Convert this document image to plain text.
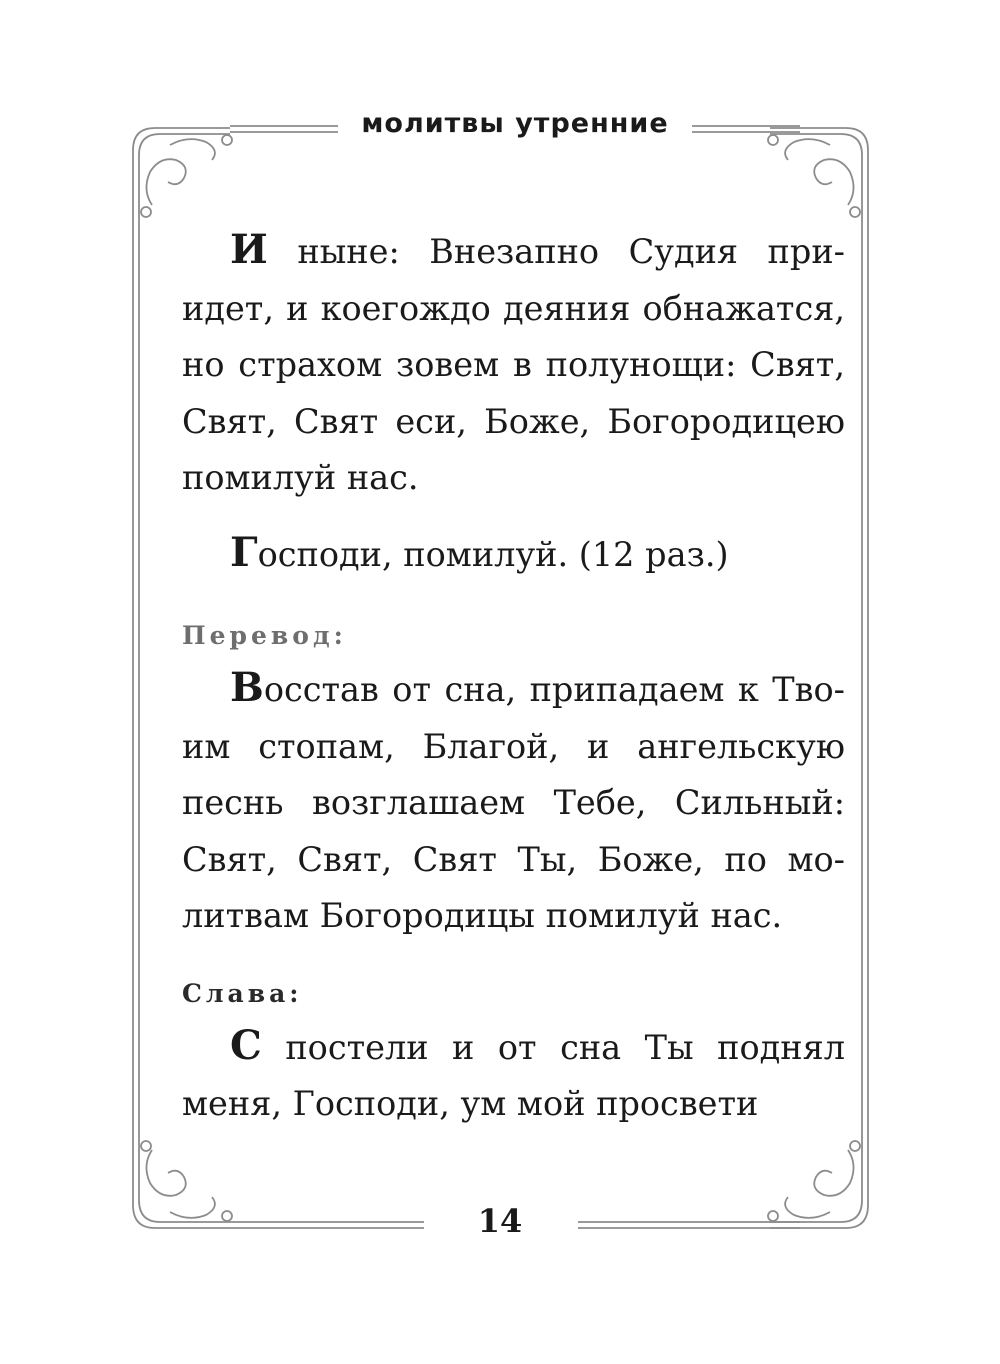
молитвы утренние

И ныне: Внезапно Судия приидет, и коегождо деяния обнажатся, но страхом зовем в полунощи: Свят, Свят, Свят еси, Боже, Богородицею помилуй нас.

Господи, помилуй. (12 раз.)

Перевод:

Восстав от сна, припадаем к Твоим стопам, Благой, и ангельскую песнь возглашаем Тебе, Сильный: Свят, Свят, Свят Ты, Боже, по молитвам Богородицы помилуй нас.

Слава:

С постели и от сна Ты поднял меня, Господи, ум мой просвети

14
